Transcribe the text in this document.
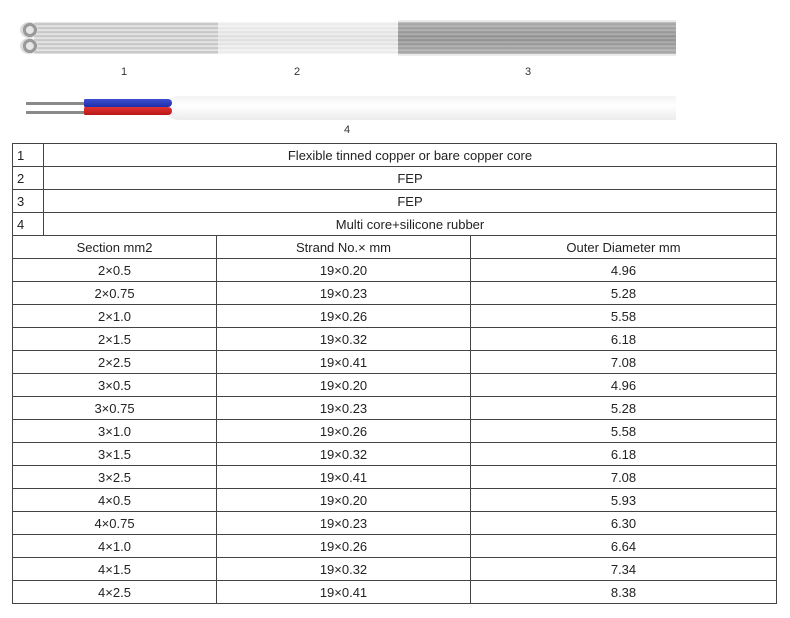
1	2	3
4
1	Flexible tinned copper or bare copper core
2	FEP
3	FEP
4	Multi core+silicone rubber
Section mm2	Strand No.× mm	Outer Diameter mm
2×0.5	19×0.20	4.96
2×0.75	19×0.23	5.28
2×1.0	19×0.26	5.58
2×1.5	19×0.32	6.18
2×2.5	19×0.41	7.08
3×0.5	19×0.20	4.96
3×0.75	19×0.23	5.28
3×1.0	19×0.26	5.58
3×1.5	19×0.32	6.18
3×2.5	19×0.41	7.08
4×0.5	19×0.20	5.93
4×0.75	19×0.23	6.30
4×1.0	19×0.26	6.64
4×1.5	19×0.32	7.34
4×2.5	19×0.41	8.38
